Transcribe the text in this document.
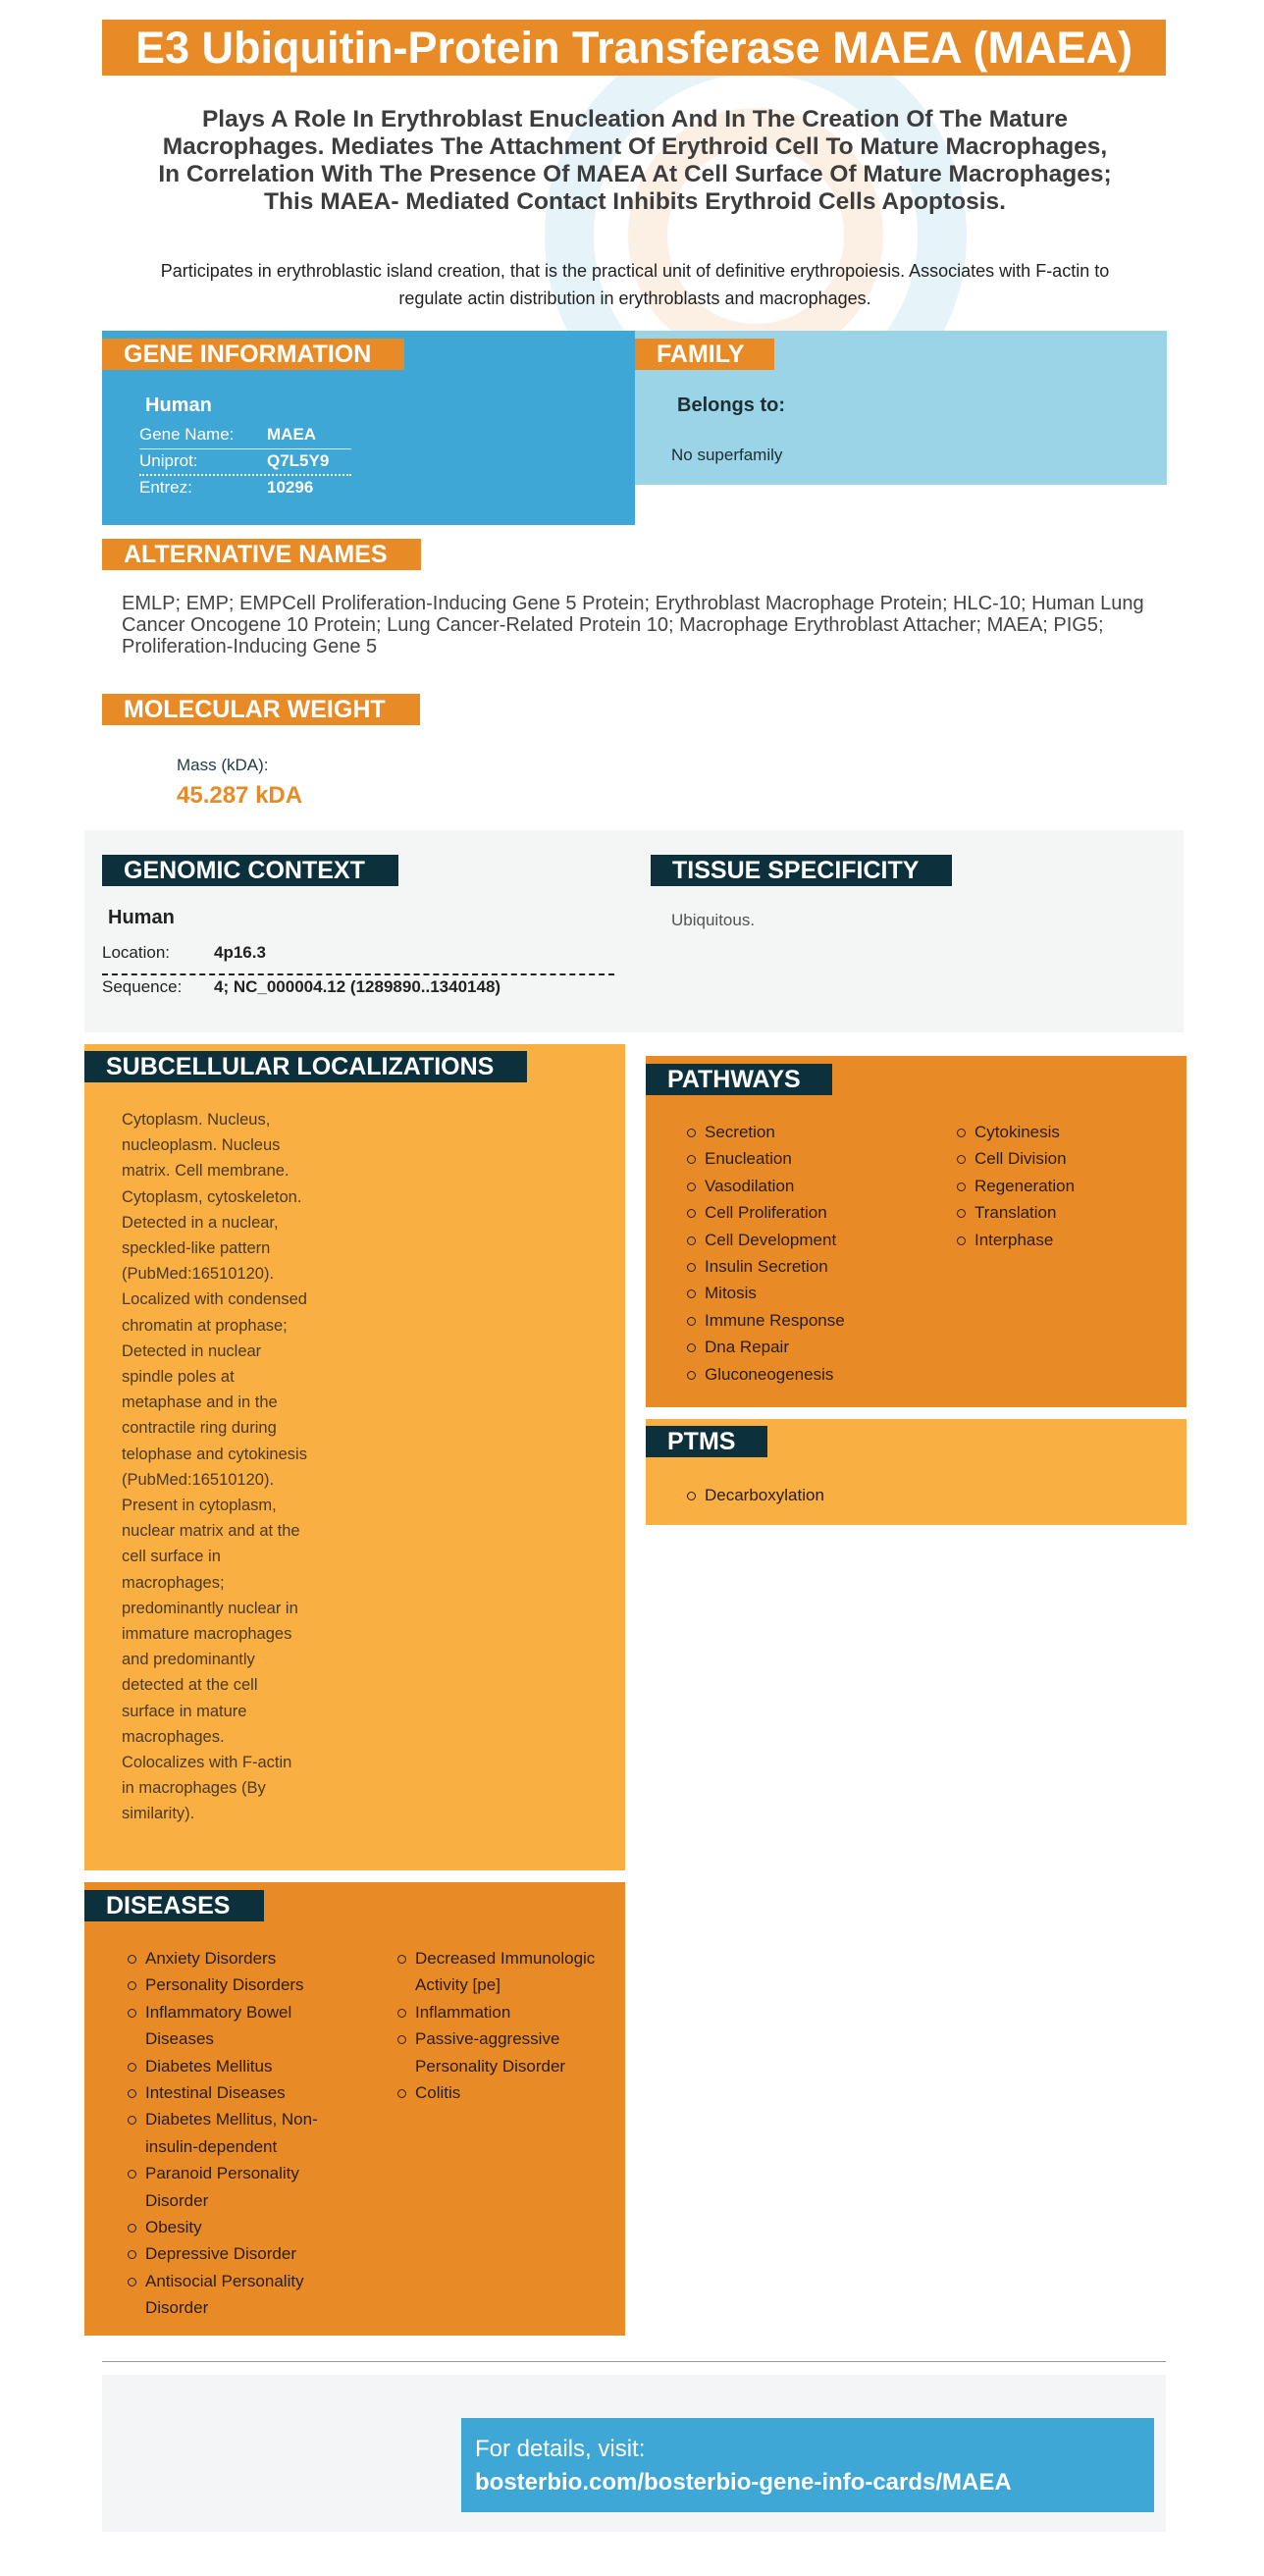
E3 Ubiquitin-Protein Transferase MAEA (MAEA)
Plays A Role In Erythroblast Enucleation And In The Creation Of The Mature
Macrophages. Mediates The Attachment Of Erythroid Cell To Mature Macrophages,
In Correlation With The Presence Of MAEA At Cell Surface Of Mature Macrophages;
This MAEA- Mediated Contact Inhibits Erythroid Cells Apoptosis.
Participates in erythroblastic island creation, that is the practical unit of definitive erythropoiesis. Associates with F-actin to
regulate actin distribution in erythroblasts and macrophages.
GENE INFORMATION
Human
Gene Name: MAEA
Uniprot:	Q7L5Y9
Entrez:	10296
FAMILY
Belongs to:
No superfamily
ALTERNATIVE NAMES
EMLP; EMP; EMPCell Proliferation-Inducing Gene 5 Protein; Erythroblast Macrophage Protein; HLC-10; Human Lung
Cancer Oncogene 10 Protein; Lung Cancer-Related Protein 10; Macrophage Erythroblast Attacher; MAEA; PIG5;
Proliferation-Inducing Gene 5
MOLECULAR WEIGHT
Mass (kDA):
45.287 kDA
GENOMIC CONTEXT
Human
Location:	4p16.3
Sequence: 4; NC_000004.12 (1289890..1340148)
TISSUE SPECIFICITY
Ubiquitous.
SUBCELLULAR LOCALIZATIONS
Cytoplasm. Nucleus,
nucleoplasm. Nucleus
matrix. Cell membrane.
Cytoplasm, cytoskeleton.
Detected in a nuclear,
speckled-like pattern
(PubMed:16510120).
Localized with condensed
chromatin at prophase;
Detected in nuclear
spindle poles at
metaphase and in the
contractile ring during
telophase and cytokinesis
(PubMed:16510120).
Present in cytoplasm,
nuclear matrix and at the
cell surface in
macrophages;
predominantly nuclear in
immature macrophages
and predominantly
detected at the cell
surface in mature
macrophages.
Colocalizes with F-actin
in macrophages (By
similarity).
PATHWAYS
Secretion
Enucleation
Vasodilation
Cell Proliferation
Cell Development
Insulin Secretion
Mitosis
Immune Response
Dna Repair
Gluconeogenesis
Cytokinesis
Cell Division
Regeneration
Translation
Interphase
PTMS
Decarboxylation
DISEASES
Anxiety Disorders
Personality Disorders
Inflammatory Bowel
Diseases
Diabetes Mellitus
Intestinal Diseases
Diabetes Mellitus, Non-
insulin-dependent
Paranoid Personality
Disorder
Obesity
Depressive Disorder
Antisocial Personality
Disorder
Decreased Immunologic
Activity [pe]
Inflammation
Passive-aggressive
Personality Disorder
Colitis
For details, visit:
bosterbio.com/bosterbio-gene-info-cards/MAEA
